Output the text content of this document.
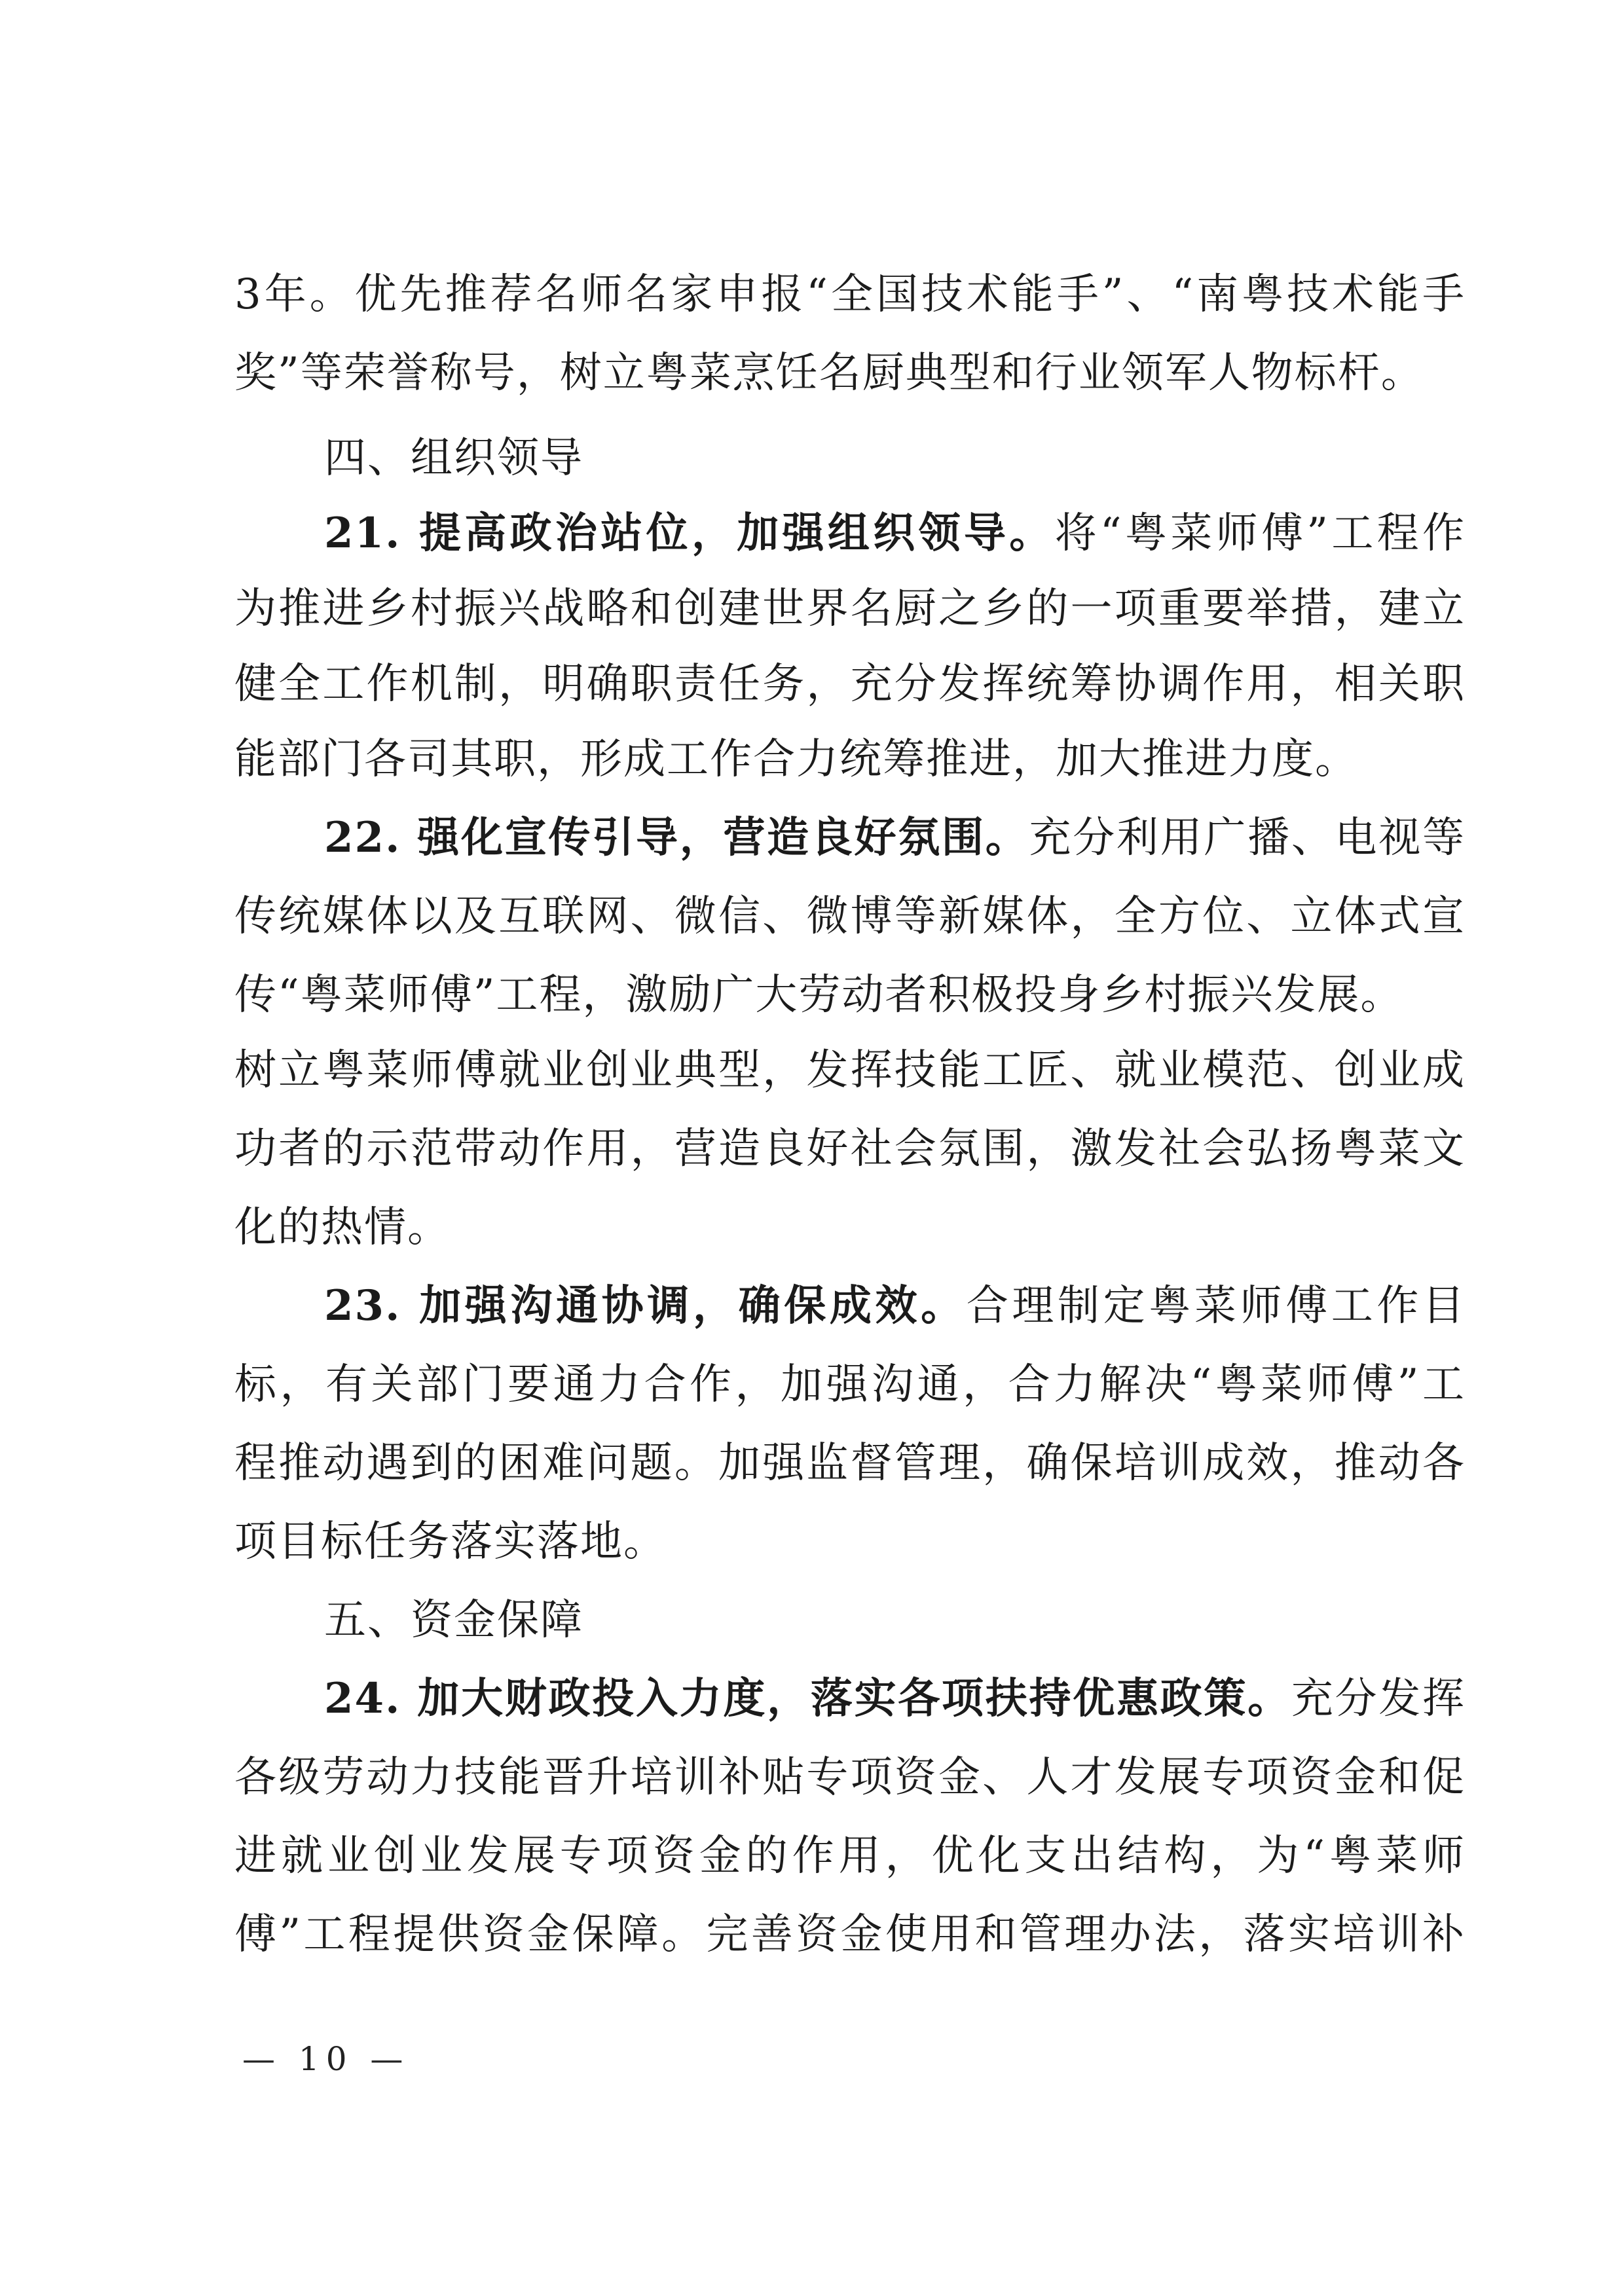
3年。优先推荐名师名家申报“全国技术能手”、“南粤技术能手
奖”等荣誉称号，树立粤菜烹饪名厨典型和行业领军人物标杆。
四、组织领导
21. 提高政治站位，加强组织领导。将“粤菜师傅”工程作
为推进乡村振兴战略和创建世界名厨之乡的一项重要举措，建立
健全工作机制，明确职责任务，充分发挥统筹协调作用，相关职
能部门各司其职，形成工作合力统筹推进，加大推进力度。
22. 强化宣传引导，营造良好氛围。充分利用广播、电视等
传统媒体以及互联网、微信、微博等新媒体，全方位、立体式宣
传“粤菜师傅”工程，激励广大劳动者积极投身乡村振兴发展。
树立粤菜师傅就业创业典型，发挥技能工匠、就业模范、创业成
功者的示范带动作用，营造良好社会氛围，激发社会弘扬粤菜文
化的热情。
23. 加强沟通协调，确保成效。合理制定粤菜师傅工作目
标，有关部门要通力合作，加强沟通，合力解决“粤菜师傅”工
程推动遇到的困难问题。加强监督管理，确保培训成效，推动各
项目标任务落实落地。
五、资金保障
24. 加大财政投入力度，落实各项扶持优惠政策。充分发挥
各级劳动力技能晋升培训补贴专项资金、人才发展专项资金和促
进就业创业发展专项资金的作用，优化支出结构，为“粤菜师
傅”工程提供资金保障。完善资金使用和管理办法，落实培训补
— 10 —
